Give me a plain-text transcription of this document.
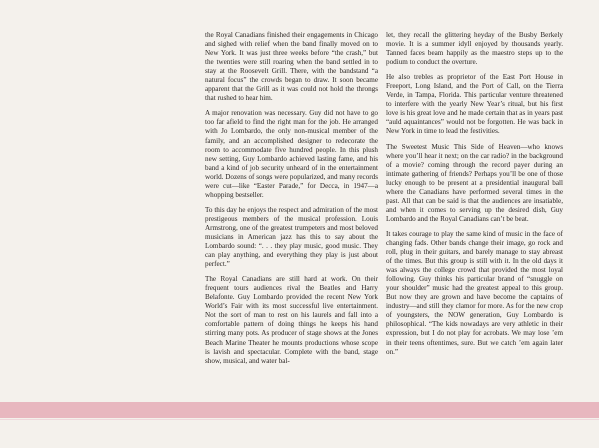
the Royal Canadians finished their engagements in Chicago and sighed with relief when the band finally moved on to New York. It was just three weeks before “the crash,” but the twenties were still roaring when the band settled in to stay at the Roosevelt Grill. There, with the bandstand “a natural focus” the crowds began to draw. It soon became apparent that the Grill as it was could not hold the throngs that rushed to hear him.

A major renovation was necessary. Guy did not have to go too far afield to find the right man for the job. He arranged with Jo Lombardo, the only non-musical member of the family, and an accomplished designer to redecorate the room to accommodate five hundred people. In this plush new setting, Guy Lombardo achieved lasting fame, and his band a kind of job security unheard of in the entertainment world. Dozens of songs were popularized, and many records were cut—like “Easter Parade,” for Decca, in 1947—a whopping bestseller.

To this day he enjoys the respect and admiration of the most prestigeous members of the musical profession. Louis Armstrong, one of the greatest trumpeters and most beloved musicians in American jazz has this to say about the Lombardo sound: “. . . they play music, good music. They can play anything, and everything they play is just about perfect.”

The Royal Canadians are still hard at work. On their frequent tours audiences rival the Beatles and Harry Belafonte. Guy Lombardo provided the recent New York World’s Fair with its most successful live entertainment. Not the sort of man to rest on his laurels and fall into a comfortable pattern of doing things he keeps his hand stirring many pots. As producer of stage shows at the Jones Beach Marine Theater he mounts productions whose scope is lavish and spectacular. Complete with the band, stage show, musical, and water bal-

let, they recall the glittering heyday of the Busby Berkely movie. It is a summer idyll enjoyed by thousands yearly. Tanned faces beam happily as the maestro steps up to the podium to conduct the overture.

He also trebles as proprietor of the East Port House in Freeport, Long Island, and the Port of Call, on the Tierra Verde, in Tampa, Florida. This particular venture threatened to interfere with the yearly New Year’s ritual, but his first love is his great love and he made certain that as in years past “auld aquaintances” would not be forgotten. He was back in New York in time to lead the festivities.

The Sweetest Music This Side of Heaven—who knows where you’ll hear it next; on the car radio? in the background of a movie? coming through the record payer during an intimate gathering of friends? Perhaps you’ll be one of those lucky enough to be present at a presidential inaugural ball where the Canadians have performed several times in the past. All that can be said is that the audiences are insatiable, and when it comes to serving up the desired dish, Guy Lombardo and the Royal Canadians can’t be beat.

It takes courage to play the same kind of music in the face of changing fads. Other bands change their image, go rock and roll, plug in their guitars, and barely manage to stay abreast of the times. But this group is still with it. In the old days it was always the college crowd that provided the most loyal following. Guy thinks his particular brand of “snuggle on your shoulder” music had the greatest appeal to this group. But now they are grown and have become the captains of industry—and still they clamor for more. As for the new crop of youngsters, the NOW generation, Guy Lombardo is philosophical. “The kids nowadays are very athletic in their expression, but I do not play for acrobats. We may lose ’em in their teens oftentimes, sure. But we catch ’em again later on.”
